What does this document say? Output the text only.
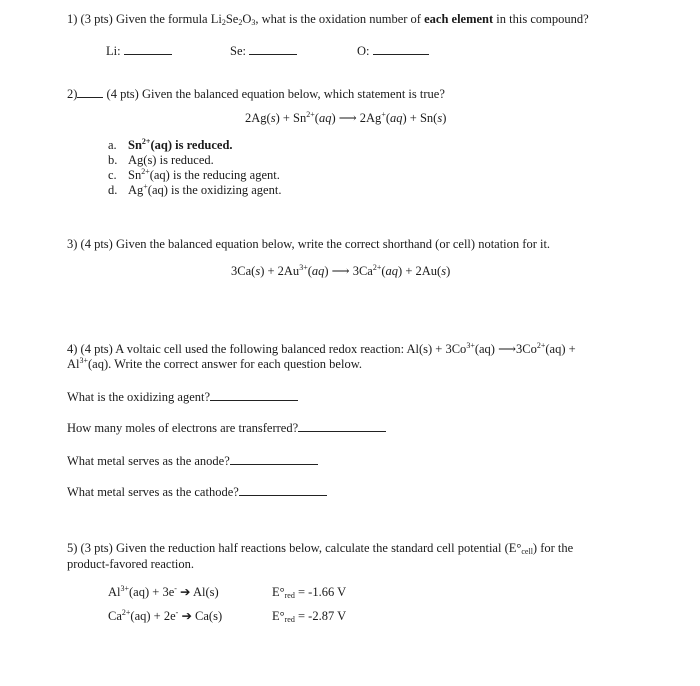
1) (3 pts) Given the formula $Li_2Se_2O_3$, what is the oxidation number of each element in this compound?
Li:	Se:	O:
2) (4 pts) Given the balanced equation below, which statement is true?
$2Ag(s) + Sn^{2+}(aq)$ ⟶ 2Ag+(aq) + Sn(s)
a. $Sn^{2+}(aq)$ is reduced.
b. Ag(s) is reduced.
c. $Sn^{2+}(aq)$ is the reducing agent.
d. Ag+(aq) is the oxidizing agent.
3) (4 pts) Given the balanced equation below, write the correct shorthand (or cell) notation for it.
$3Ca(s) + 2Au^{3+}(aq)$ ⟶ $3Ca^{2+}(aq) + 2Au(s)$
4) (4 pts) A voltaic cell used the following balanced redox reaction: $Al(s) + 3Co^{3+}(aq)$ $⟶3Co^{2+}(aq)$ +
$Al^{3+}(aq)$. Write the correct answer for each question below.
What is the oxidizing agent?
How many moles of electrons are transferred?
What metal serves as the anode?
What metal serves as the cathode?
5) (3 pts) Given the reduction half reactions below, calculate the standard cell potential $(E^\circ_{cell})$ for the
product-favored reaction.
$Al^{3+}(aq) + 3e^-$ ➔ Al(s)	$E^\circ_{red} = -1.66$ V
$Ca^{2+}(aq) + 2e^-$ ➔ Ca(s)	$E^\circ_{red} = -2.87$ V
